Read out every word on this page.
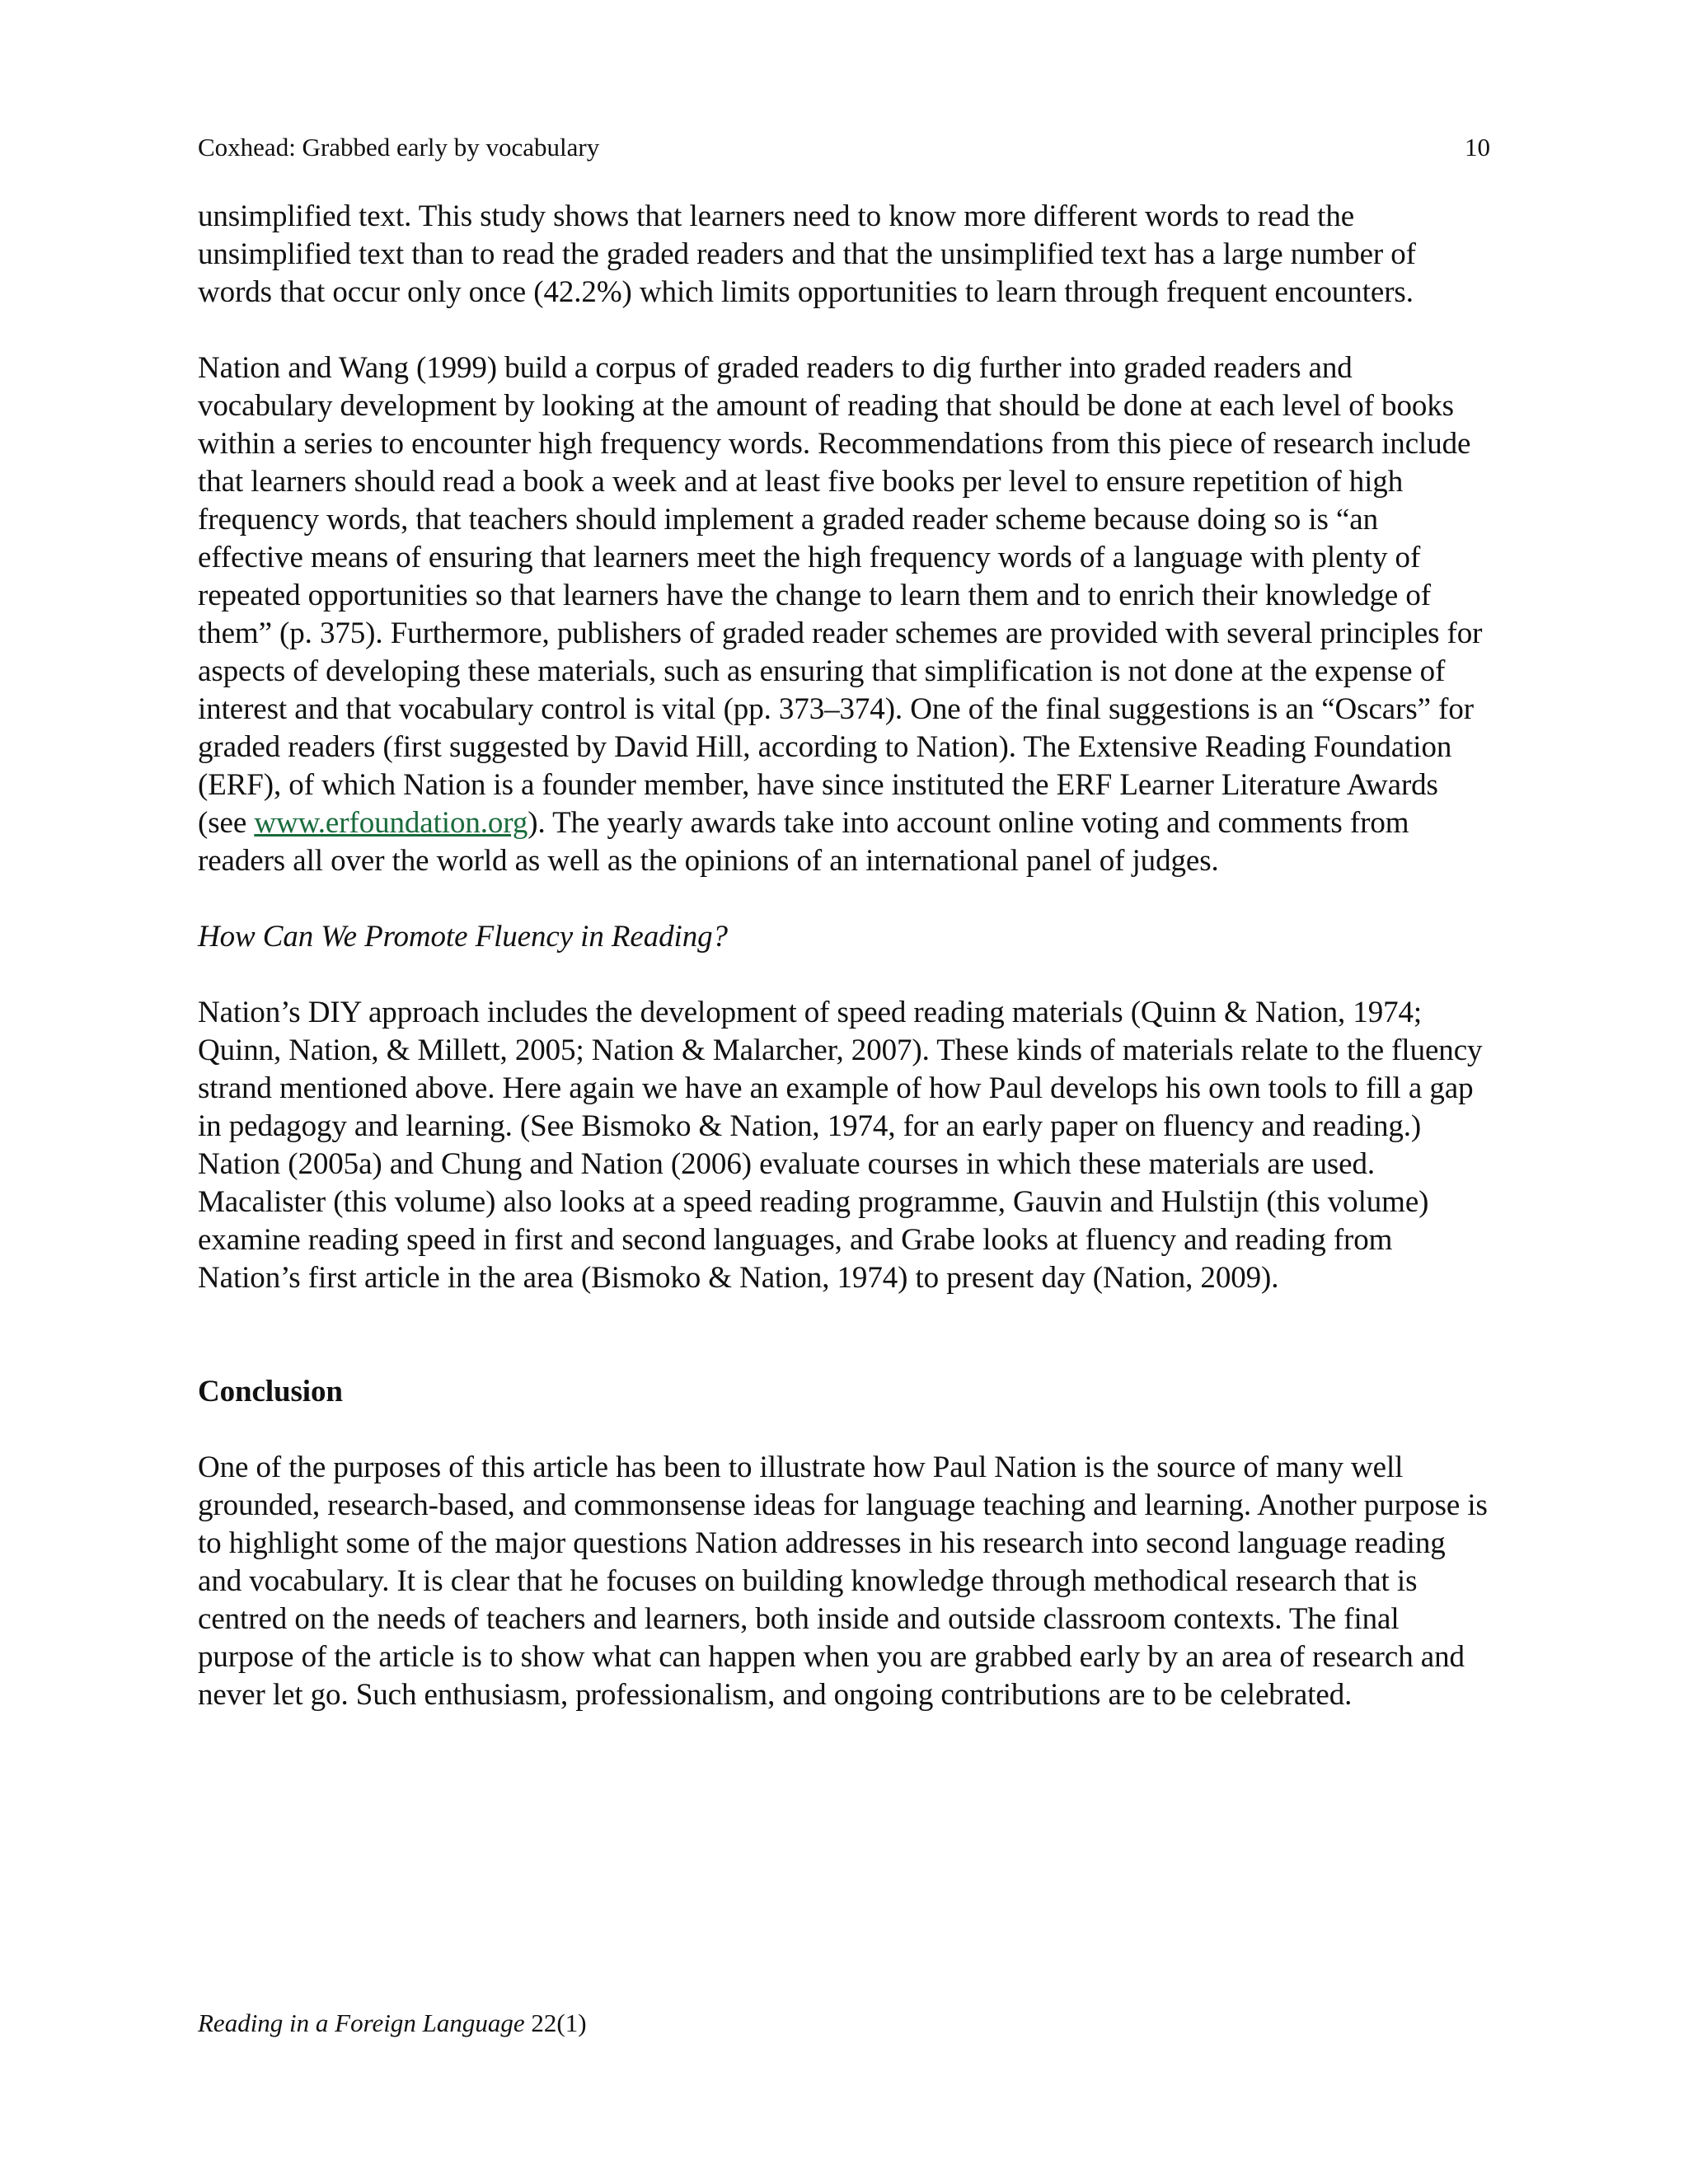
Coxhead: Grabbed early by vocabulary	10

unsimplified text. This study shows that learners need to know more different words to read the unsimplified text than to read the graded readers and that the unsimplified text has a large number of words that occur only once (42.2%) which limits opportunities to learn through frequent encounters.

Nation and Wang (1999) build a corpus of graded readers to dig further into graded readers and vocabulary development by looking at the amount of reading that should be done at each level of books within a series to encounter high frequency words. Recommendations from this piece of research include that learners should read a book a week and at least five books per level to ensure repetition of high frequency words, that teachers should implement a graded reader scheme because doing so is “an effective means of ensuring that learners meet the high frequency words of a language with plenty of repeated opportunities so that learners have the change to learn them and to enrich their knowledge of them” (p. 375). Furthermore, publishers of graded reader schemes are provided with several principles for aspects of developing these materials, such as ensuring that simplification is not done at the expense of interest and that vocabulary control is vital (pp. 373–374). One of the final suggestions is an “Oscars” for graded readers (first suggested by David Hill, according to Nation). The Extensive Reading Foundation (ERF), of which Nation is a founder member, have since instituted the ERF Learner Literature Awards (see www.erfoundation.org). The yearly awards take into account online voting and comments from readers all over the world as well as the opinions of an international panel of judges.

How Can We Promote Fluency in Reading?

Nation’s DIY approach includes the development of speed reading materials (Quinn & Nation, 1974; Quinn, Nation, & Millett, 2005; Nation & Malarcher, 2007). These kinds of materials relate to the fluency strand mentioned above. Here again we have an example of how Paul develops his own tools to fill a gap in pedagogy and learning. (See Bismoko & Nation, 1974, for an early paper on fluency and reading.) Nation (2005a) and Chung and Nation (2006) evaluate courses in which these materials are used. Macalister (this volume) also looks at a speed reading programme, Gauvin and Hulstijn (this volume) examine reading speed in first and second languages, and Grabe looks at fluency and reading from Nation’s first article in the area (Bismoko & Nation, 1974) to present day (Nation, 2009).

Conclusion

One of the purposes of this article has been to illustrate how Paul Nation is the source of many well grounded, research-based, and commonsense ideas for language teaching and learning. Another purpose is to highlight some of the major questions Nation addresses in his research into second language reading and vocabulary. It is clear that he focuses on building knowledge through methodical research that is centred on the needs of teachers and learners, both inside and outside classroom contexts. The final purpose of the article is to show what can happen when you are grabbed early by an area of research and never let go. Such enthusiasm, professionalism, and ongoing contributions are to be celebrated.

Reading in a Foreign Language 22(1)
